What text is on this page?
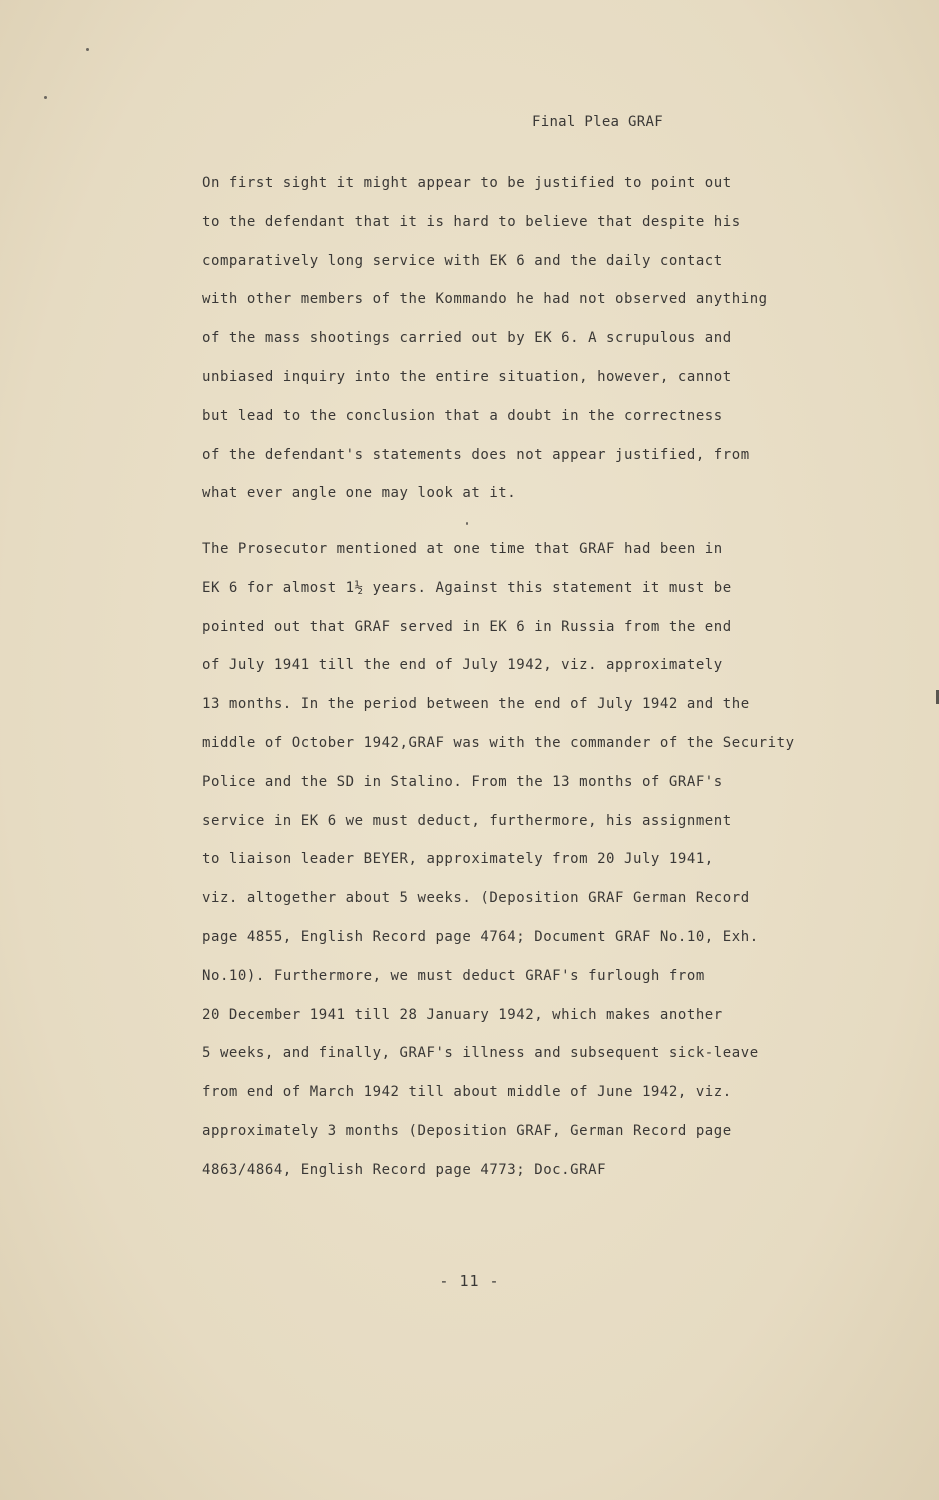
Final Plea GRAF
On first sight it might appear to be justified to point out
to the defendant that it is hard to believe that despite his
comparatively long service with EK 6 and the daily contact
with other members of the Kommando he had not observed anything
of the mass shootings carried out by EK 6. A scrupulous and
unbiased inquiry into the entire situation, however, cannot
but lead to the conclusion that a doubt in the correctness
of the defendant's statements does not appear justified, from
what ever angle one may look at it.
The Prosecutor mentioned at one time that GRAF had been in
EK 6 for almost 1½ years. Against this statement it must be
pointed out that GRAF served in EK 6 in Russia from the end
of July 1941 till the end of July 1942, viz. approximately
13 months. In the period between the end of July 1942 and the
middle of October 1942,GRAF was with the commander of the Security
Police and the SD in Stalino. From the 13 months of GRAF's
service in EK 6 we must deduct, furthermore, his assignment
to liaison leader BEYER, approximately from 20 July 1941,
viz. altogether about 5 weeks. (Deposition GRAF German Record
page 4855, English Record page 4764; Document GRAF No.10, Exh.
No.10). Furthermore, we must deduct GRAF's furlough from
20 December 1941 till 28 January 1942, which makes another
5 weeks, and finally, GRAF's illness and subsequent sick-leave
from end of March 1942 till about middle of June 1942, viz.
approximately 3 months (Deposition GRAF, German Record page
4863/4864, English Record page 4773; Doc.GRAF
- 11 -
